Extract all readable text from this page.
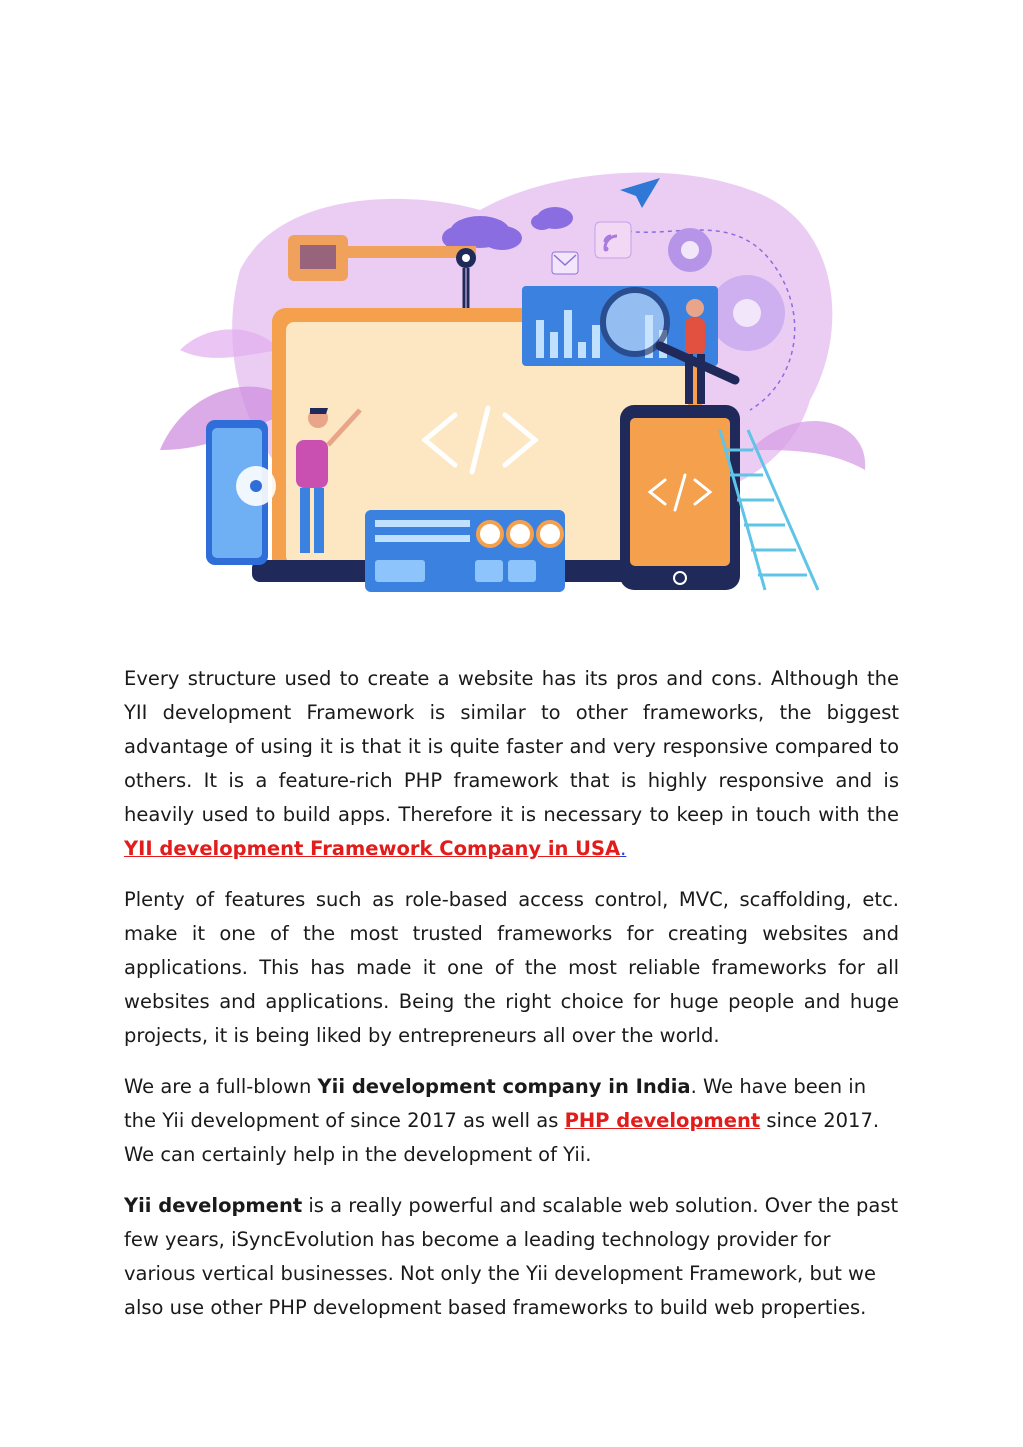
Every structure used to create a website has its pros and cons. Although the YII development Framework is similar to other frameworks, the biggest advantage of using it is that it is quite faster and very responsive compared to others. It is a feature-rich PHP framework that is highly responsive and is heavily used to build apps. Therefore it is necessary to keep in touch with the YII development Framework Company in USA.

Plenty of features such as role-based access control, MVC, scaffolding, etc. make it one of the most trusted frameworks for creating websites and applications. This has made it one of the most reliable frameworks for all websites and applications. Being the right choice for huge people and huge projects, it is being liked by entrepreneurs all over the world.

We are a full-blown Yii development company in India. We have been in the Yii development of since 2017 as well as PHP development since 2017. We can certainly help in the development of Yii.

Yii development is a really powerful and scalable web solution. Over the past few years, iSyncEvolution has become a leading technology provider for various vertical businesses. Not only the Yii development Framework, but we also use other PHP development based frameworks to build web properties.
